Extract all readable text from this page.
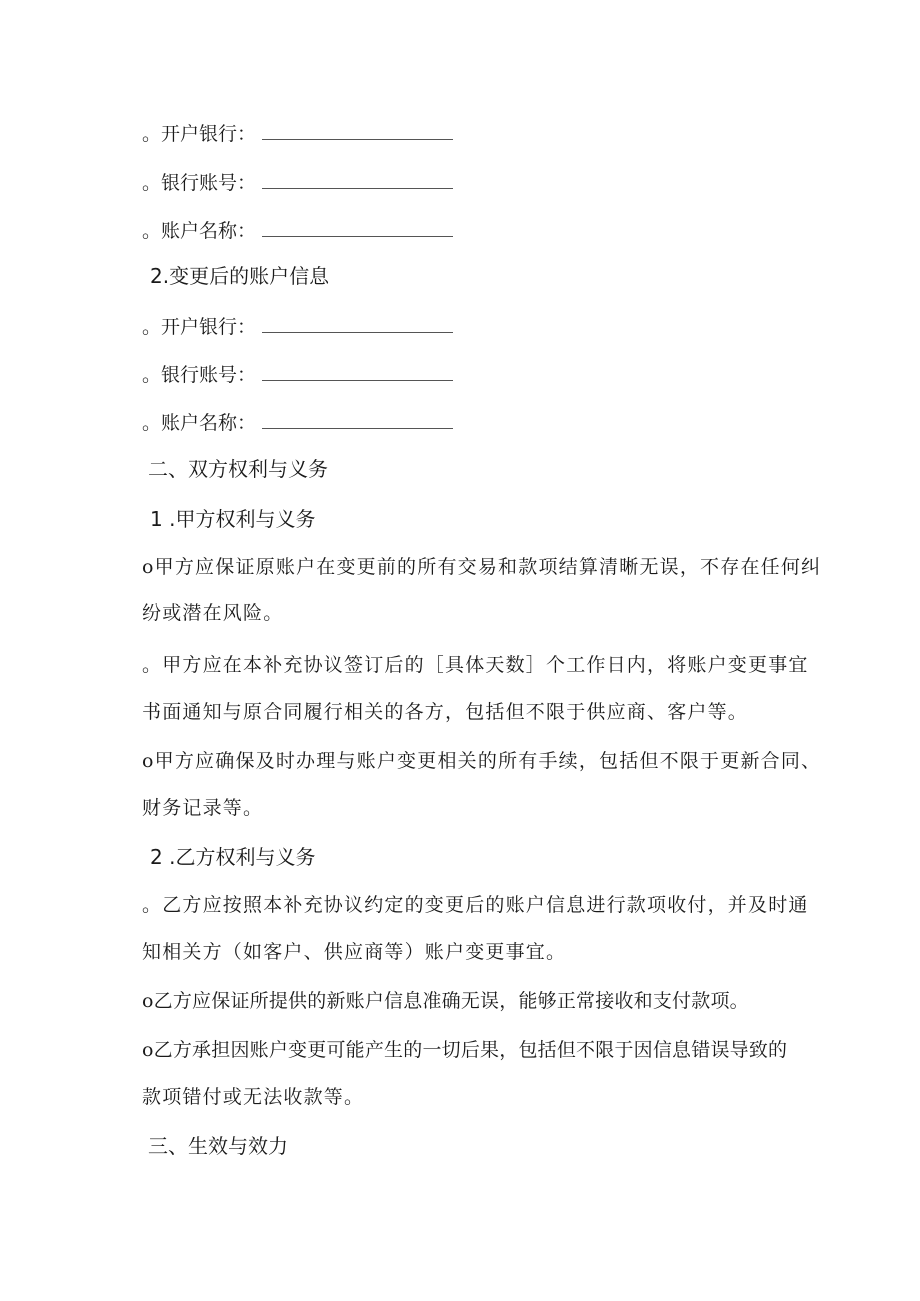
。开户银行：
。银行账号：
。账户名称：
2.变更后的账户信息
。开户银行：
。银行账号：
。账户名称：
二、双方权利与义务
1 .甲方权利与义务
o甲方应保证原账户在变更前的所有交易和款项结算清晰无误，不存在任何纠
纷或潜在风险。
。甲方应在本补充协议签订后的［具体天数］个工作日内，将账户变更事宜
书面通知与原合同履行相关的各方，包括但不限于供应商、客户等。
o甲方应确保及时办理与账户变更相关的所有手续，包括但不限于更新合同、
财务记录等。
2 .乙方权利与义务
。乙方应按照本补充协议约定的变更后的账户信息进行款项收付，并及时通
知相关方（如客户、供应商等）账户变更事宜。
o乙方应保证所提供的新账户信息准确无误，能够正常接收和支付款项。
o乙方承担因账户变更可能产生的一切后果，包括但不限于因信息错误导致的
款项错付或无法收款等。
三、生效与效力
